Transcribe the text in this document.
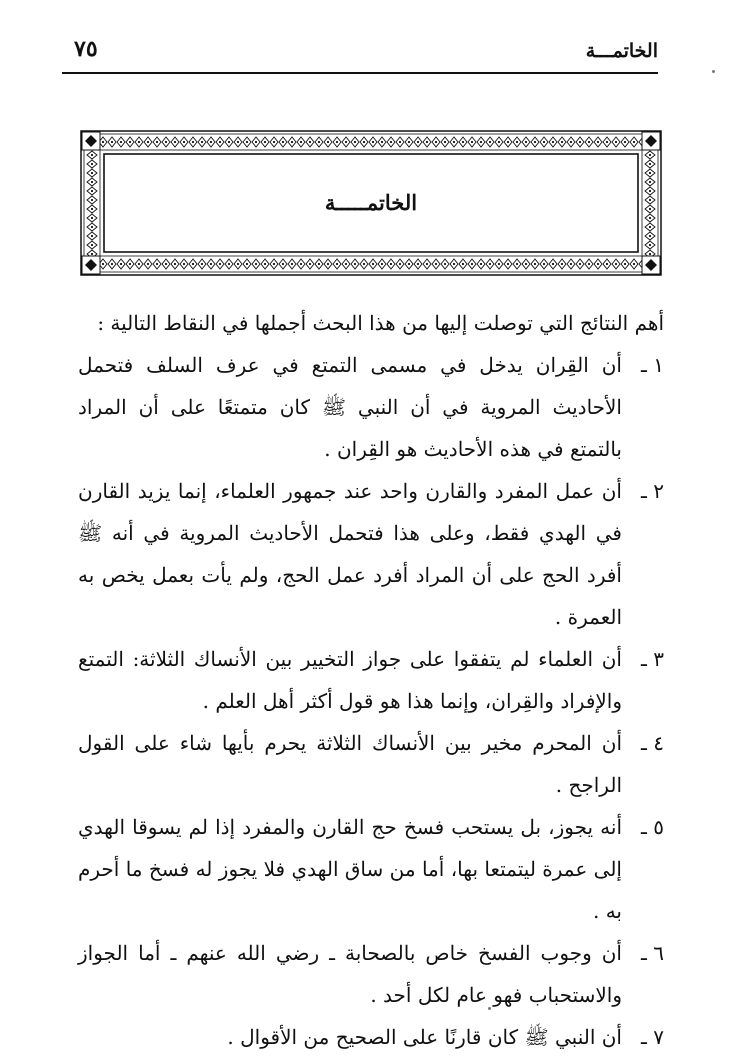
الخاتمـــة
٧٥
الخاتمـــــة

أهم النتائج التي توصلت إليها من هذا البحث أجملها في النقاط التالية :

١ ـ
أن القِران يدخل في مسمى التمتع في عرف السلف فتحمل الأحاديث المروية في أن النبي ﷺ كان متمتعًا على أن المراد بالتمتع في هذه الأحاديث هو القِران .
٢ ـ
أن عمل المفرد والقارن واحد عند جمهور العلماء، إنما يزيد القارن في الهدي فقط، وعلى هذا فتحمل الأحاديث المروية في أنه ﷺ أفرد الحج على أن المراد أفرد عمل الحج، ولم يأت بعمل يخص به العمرة .
٣ ـ
أن العلماء لم يتفقوا على جواز التخيير بين الأنساك الثلاثة: التمتع والإفراد والقِران، وإنما هذا هو قول أكثر أهل العلم .
٤ ـ
أن المحرم مخير بين الأنساك الثلاثة يحرم بأيها شاء على القول الراجح .
٥ ـ
أنه يجوز، بل يستحب فسخ حج القارن والمفرد إذا لم يسوقا الهدي إلى عمرة ليتمتعا بها، أما من ساق الهدي فلا يجوز له فسخ ما أحرم به .
٦ ـ
أن وجوب الفسخ خاص بالصحابة ـ رضي الله عنهم ـ أما الجواز والاستحباب فهو عام لكل أحد .
٧ ـ
أن النبي ﷺ كان قارنًا على الصحيح من الأقوال .
